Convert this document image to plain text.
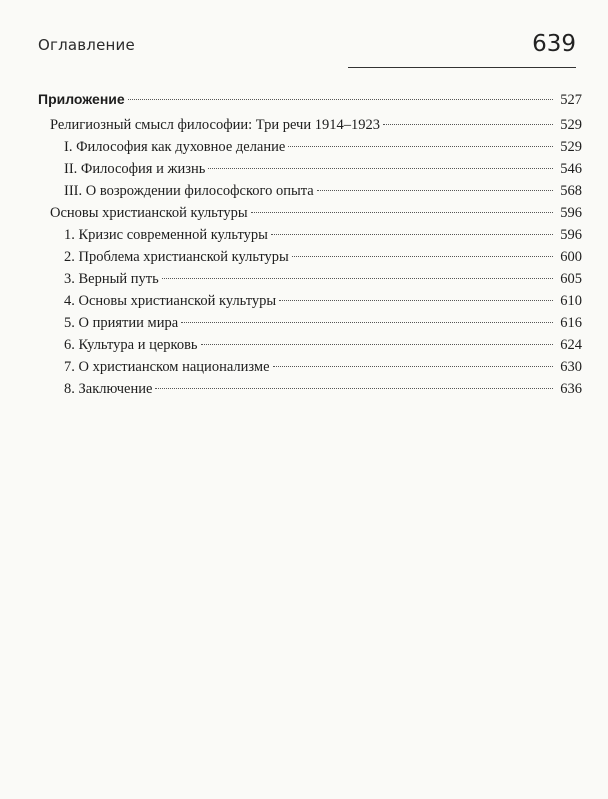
Оглавление	639
Приложение	527
Религиозный смысл философии: Три речи 1914–1923	529
I. Философия как духовное делание	529
II. Философия и жизнь	546
III. О возрождении философского опыта	568
Основы христианской культуры	596
1. Кризис современной культуры	596
2. Проблема христианской культуры	600
3. Верный путь	605
4. Основы христианской культуры	610
5. О приятии мира	616
6. Культура и церковь	624
7. О христианском национализме	630
8. Заключение	636
